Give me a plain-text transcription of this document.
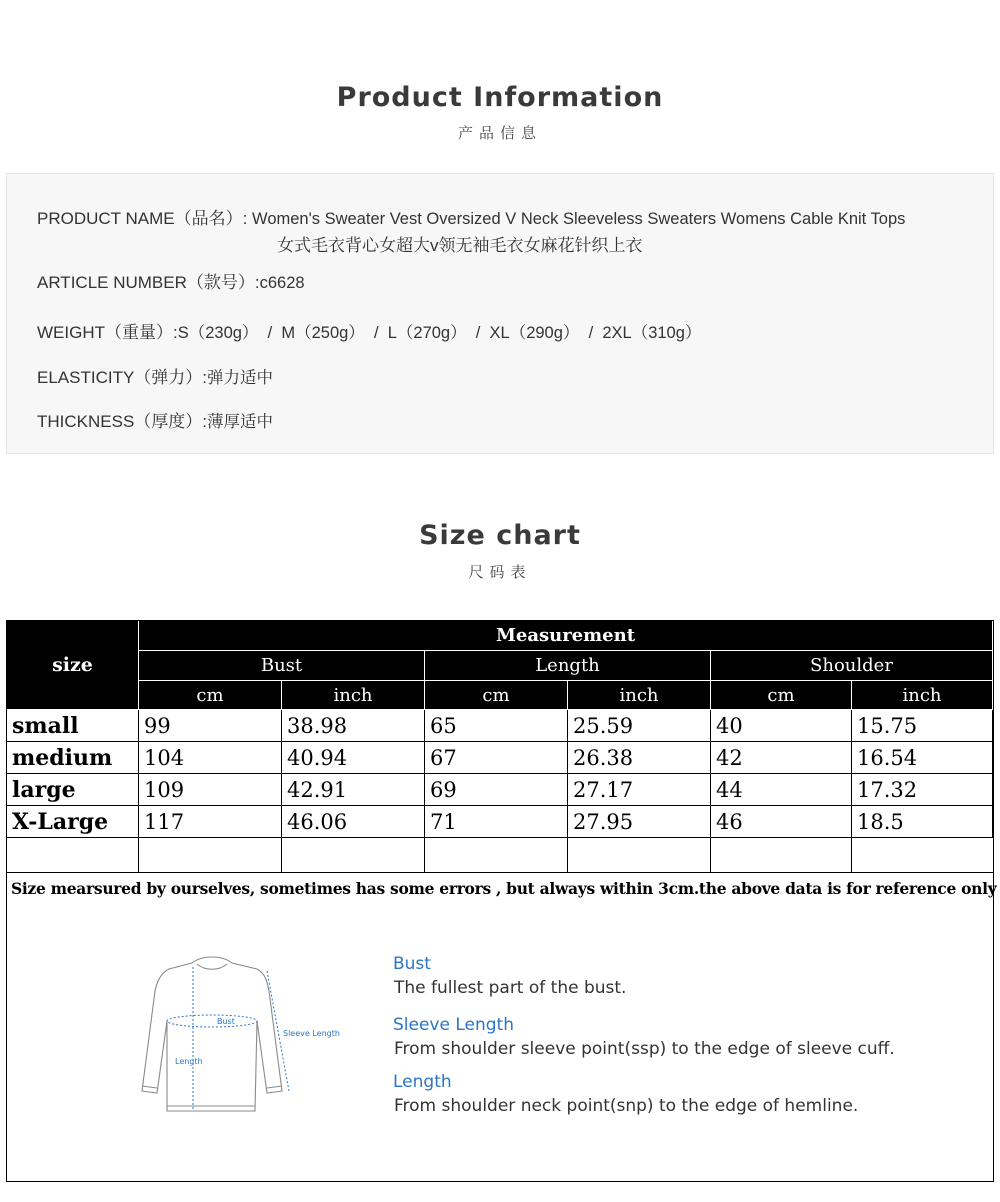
Product Information
产品信息
PRODUCT NAME（品名）: Women's Sweater Vest Oversized V Neck Sleeveless Sweaters Womens Cable Knit Tops
女式毛衣背心女超大v领无袖毛衣女麻花针织上衣
ARTICLE NUMBER（款号）:c6628
WEIGHT（重量）:S（230g）  /  M（250g）  /  L（270g）  /  XL（290g）  /  2XL（310g）
ELASTICITY（弹力）:弹力适中
THICKNESS（厚度）:薄厚适中
Size chart
尺码表
size
Measurement
Bust	Length	Shoulder
cm	inch	cm	inch	cm	inch
small	99	38.98	65	25.59	40	15.75
medium	104	40.94	67	26.38	42	16.54
large	109	42.91	69	27.17	44	17.32
X-Large	117	46.06	71	27.95	46	18.5
Size mearsured by ourselves, sometimes has some errors , but always within 3cm.the above data is for reference only
Bust
Length
Sleeve Length
Bust
The fullest part of the bust.
Sleeve Length
From shoulder sleeve point(ssp) to the edge of sleeve cuff.
Length
From shoulder neck point(snp) to the edge of hemline.
